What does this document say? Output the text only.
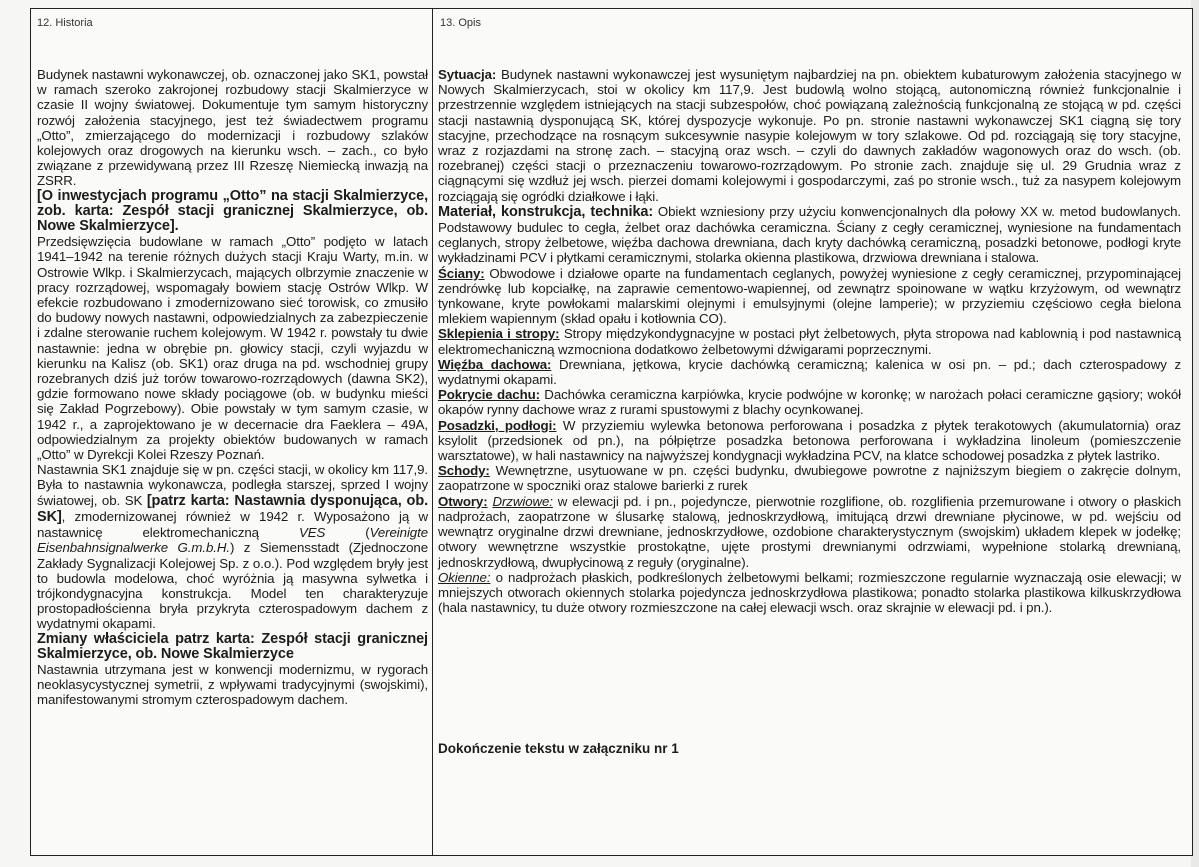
12. Historia	13. Opis

Budynek nastawni wykonawczej, ob. oznaczonej jako SK1, powstał w ramach szeroko zakrojonej rozbudowy stacji Skalmierzyce w czasie II wojny światowej. Dokumentuje tym samym historyczny rozwój założenia stacyjnego, jest też świadectwem programu „Otto”, zmierzającego do modernizacji i rozbudowy szlaków kolejowych oraz drogowych na kierunku wsch. – zach., co było związane z przewidywaną przez III Rzeszę Niemiecką inwazją na ZSRR.

[O inwestycjach programu „Otto” na stacji Skalmierzyce, zob. karta: Zespół stacji granicznej Skalmierzyce, ob. Nowe Skalmierzyce].

Przedsięwzięcia budowlane w ramach „Otto” podjęto w latach 1941–1942 na terenie różnych dużych stacji Kraju Warty, m.in. w Ostrowie Wlkp. i Skalmierzycach, mających olbrzymie znaczenie w pracy rozrządowej, wspomagały bowiem stację Ostrów Wlkp. W efekcie rozbudowano i zmodernizowano sieć torowisk, co zmusiło do budowy nowych nastawni, odpowiedzialnych za zabezpieczenie i zdalne sterowanie ruchem kolejowym. W 1942 r. powstały tu dwie nastawnie: jedna w obrębie pn. głowicy stacji, czyli wyjazdu w kierunku na Kalisz (ob. SK1) oraz druga na pd. wschodniej grupy rozebranych dziś już torów towarowo-rozrządowych (dawna SK2), gdzie formowano nowe składy pociągowe (ob. w budynku mieści się Zakład Pogrzebowy). Obie powstały w tym samym czasie, w 1942 r., a zaprojektowano je w decernacie dra Faeklera – 49A, odpowiedzialnym za projekty obiektów budowanych w ramach „Otto” w Dyrekcji Kolei Rzeszy Poznań.

Nastawnia SK1 znajduje się w pn. części stacji, w okolicy km 117,9. Była to nastawnia wykonawcza, podległa starszej, sprzed I wojny światowej, ob. SK [patrz karta: Nastawnia dysponująca, ob. SK], zmodernizowanej również w 1942 r. Wyposażono ją w nastawnicę elektromechaniczną VES (Vereinigte Eisenbahnsignalwerke G.m.b.H.) z Siemensstadt (Zjednoczone Zakłady Sygnalizacji Kolejowej Sp. z o.o.). Pod względem bryły jest to budowla modelowa, choć wyróżnia ją masywna sylwetka i trójkondygnacyjna konstrukcja. Model ten charakteryzuje prostopadłościenna bryła przykryta czterospadowym dachem z wydatnymi okapami.

Zmiany właściciela patrz karta: Zespół stacji granicznej Skalmierzyce, ob. Nowe Skalmierzyce

Nastawnia utrzymana jest w konwencji modernizmu, w rygorach neoklasycystycznej symetrii, z wpływami tradycyjnymi (swojskimi), manifestowanymi stromym czterospadowym dachem.

Sytuacja: Budynek nastawni wykonawczej jest wysuniętym najbardziej na pn. obiektem kubaturowym założenia stacyjnego w Nowych Skalmierzycach, stoi w okolicy km 117,9. Jest budowlą wolno stojącą, autonomiczną również funkcjonalnie i przestrzennie względem istniejących na stacji subzespołów, choć powiązaną zależnością funkcjonalną ze stojącą w pd. części stacji nastawnią dysponującą SK, której dyspozycje wykonuje. Po pn. stronie nastawni wykonawczej SK1 ciągną się tory stacyjne, przechodzące na rosnącym sukcesywnie nasypie kolejowym w tory szlakowe. Od pd. rozciągają się tory stacyjne, wraz z rozjazdami na stronę zach. – stacyjną oraz wsch. – czyli do dawnych zakładów wagonowych oraz do wsch. (ob. rozebranej) części stacji o przeznaczeniu towarowo-rozrządowym. Po stronie zach. znajduje się ul. 29 Grudnia wraz z ciągnącymi się wzdłuż jej wsch. pierzei domami kolejowymi i gospodarczymi, zaś po stronie wsch., tuż za nasypem kolejowym rozciągają się ogródki działkowe i łąki.

Materiał, konstrukcja, technika: Obiekt wzniesiony przy użyciu konwencjonalnych dla połowy XX w. metod budowlanych. Podstawowy budulec to cegła, żelbet oraz dachówka ceramiczna. Ściany z cegły ceramicznej, wyniesione na fundamentach ceglanych, stropy żelbetowe, więźba dachowa drewniana, dach kryty dachówką ceramiczną, posadzki betonowe, podłogi kryte wykładzinami PCV i płytkami ceramicznymi, stolarka okienna plastikowa, drzwiowa drewniana i stalowa.

Ściany: Obwodowe i działowe oparte na fundamentach ceglanych, powyżej wyniesione z cegły ceramicznej, przypominającej zendrówkę lub kopciałkę, na zaprawie cementowo-wapiennej, od zewnątrz spoinowane w wątku krzyżowym, od wewnątrz tynkowane, kryte powłokami malarskimi olejnymi i emulsyjnymi (olejne lamperie); w przyziemiu częściowo cegła bielona mlekiem wapiennym (skład opału i kotłownia CO).

Sklepienia i stropy: Stropy międzykondygnacyjne w postaci płyt żelbetowych, płyta stropowa nad kablownią i pod nastawnicą elektromechaniczną wzmocniona dodatkowo żelbetowymi dźwigarami poprzecznymi.

Więźba dachowa: Drewniana, jętkowa, krycie dachówką ceramiczną; kalenica w osi pn. – pd.; dach czterospadowy z wydatnymi okapami.

Pokrycie dachu: Dachówka ceramiczna karpiówka, krycie podwójne w koronkę; w narożach połaci ceramiczne gąsiory; wokół okapów rynny dachowe wraz z rurami spustowymi z blachy ocynkowanej.

Posadzki, podłogi: W przyziemiu wylewka betonowa perforowana i posadzka z płytek terakotowych (akumulatornia) oraz ksylolit (przedsionek od pn.), na półpiętrze posadzka betonowa perforowana i wykładzina linoleum (pomieszczenie warsztatowe), w hali nastawnicy na najwyższej kondygnacji wykładzina PCV, na klatce schodowej posadzka z płytek lastriko.

Schody: Wewnętrzne, usytuowane w pn. części budynku, dwubiegowe powrotne z najniższym biegiem o zakręcie dolnym, zaopatrzone w spoczniki oraz stalowe barierki z rurek

Otwory: Drzwiowe: w elewacji pd. i pn., pojedyncze, pierwotnie rozglifione, ob. rozglifienia przemurowane i otwory o płaskich nadprożach, zaopatrzone w ślusarkę stalową, jednoskrzydłową, imitującą drzwi drewniane płycinowe, w pd. wejściu od wewnątrz oryginalne drzwi drewniane, jednoskrzydłowe, ozdobione charakterystycznym (swojskim) układem klepek w jodełkę; otwory wewnętrzne wszystkie prostokątne, ujęte prostymi drewnianymi odrzwiami, wypełnione stolarką drewnianą, jednoskrzydłową, dwupłycinową z reguły (oryginalne).

Okienne: o nadprożach płaskich, podkreślonych żelbetowymi belkami; rozmieszczone regularnie wyznaczają osie elewacji; w mniejszych otworach okiennych stolarka pojedyncza jednoskrzydłowa plastikowa; ponadto stolarka plastikowa kilkuskrzydłowa (hala nastawnicy, tu duże otwory rozmieszczone na całej elewacji wsch. oraz skrajnie w elewacji pd. i pn.).

Dokończenie tekstu w załączniku nr 1
